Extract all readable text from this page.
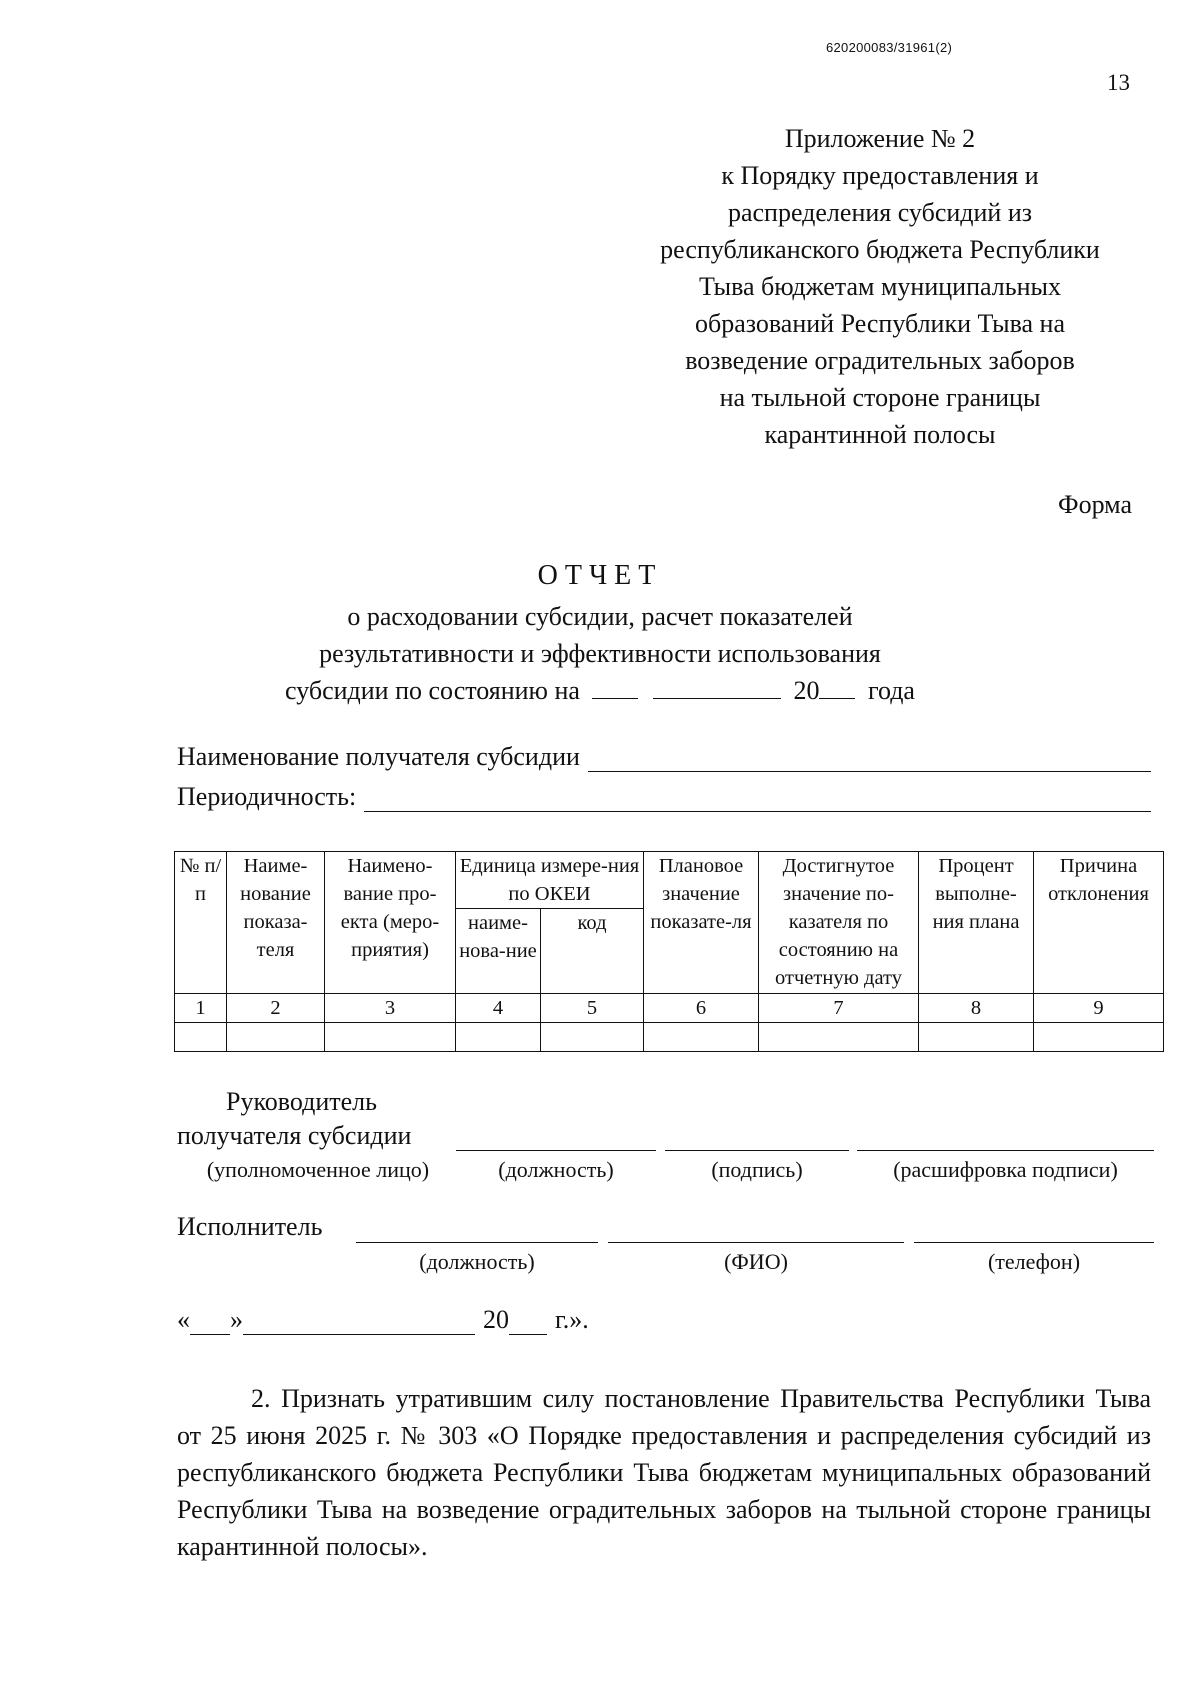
620200083/31961(2)
13
Приложение № 2
к Порядку предоставления и
распределения субсидий из
республиканского бюджета Республики
Тыва бюджетам муниципальных
образований Республики Тыва на
возведение оградительных заборов
на тыльной стороне границы
карантинной полосы
Форма
ОТЧЕТ
о расходовании субсидии, расчет показателей
результативности и эффективности использования
субсидии по состоянию на	20 года
Наименование получателя субсидии
Периодичность:
№ п/п	Наиме-нование показа-теля	Наимено-вание про-екта (меро-приятия)	Единица измере-ния по ОКЕИ		Плановое значение показате-ля	Достигнутое значение по-казателя по состоянию на отчетную дату	Процент выполне-ния плана	Причина отклонения
			наиме-нова-ние	код				
1	2	3	4	5	6	7	8	9

Руководитель
получателя субсидии
(уполномоченное лицо)	(должность)	(подпись)	(расшифровка подписи)
Исполнитель
(должность)	(ФИО)	(телефон)
« »	20 г.».
2. Признать утратившим силу постановление Правительства Республики Тыва от 25 июня 2025 г. № 303 «О Порядке предоставления и распределения субсидий из республиканского бюджета Республики Тыва бюджетам муниципальных образований Республики Тыва на возведение оградительных заборов на тыльной стороне границы карантинной полосы».
